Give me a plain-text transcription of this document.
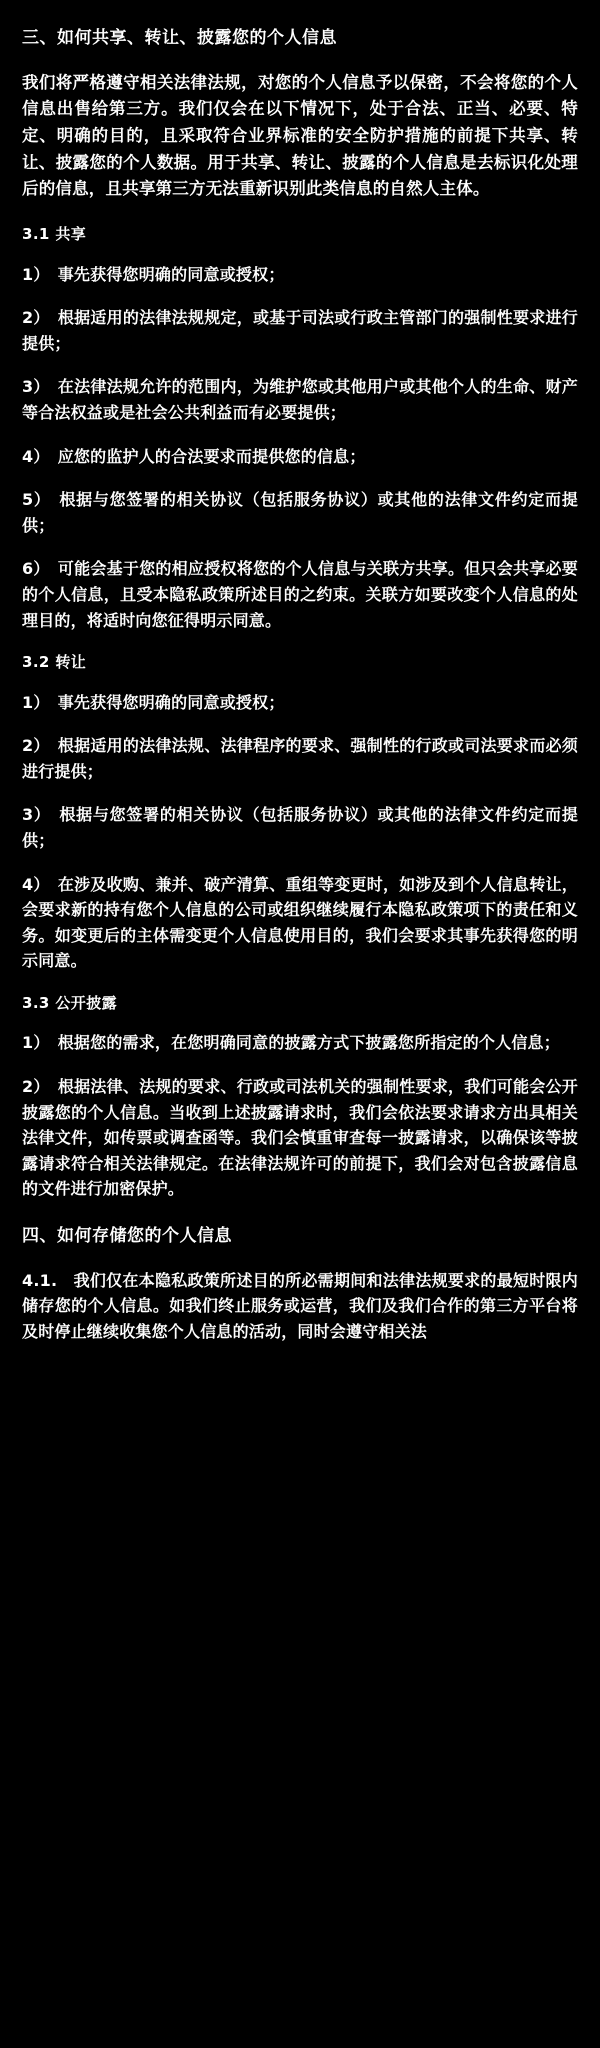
三、如何共享、转让、披露您的个人信息

我们将严格遵守相关法律法规，对您的个人信息予以保密，不会将您的个人信息出售给第三方。我们仅会在以下情况下，处于合法、正当、必要、特定、明确的目的，且采取符合业界标准的安全防护措施的前提下共享、转让、披露您的个人数据。用于共享、转让、披露的个人信息是去标识化处理后的信息，且共享第三方无法重新识别此类信息的自然人主体。

3.1 共享

1）　事先获得您明确的同意或授权；

2）　根据适用的法律法规规定，或基于司法或行政主管部门的强制性要求进行提供；

3）　在法律法规允许的范围内，为维护您或其他用户或其他个人的生命、财产等合法权益或是社会公共利益而有必要提供；

4）　应您的监护人的合法要求而提供您的信息；

5）　根据与您签署的相关协议（包括服务协议）或其他的法律文件约定而提供；

6）　可能会基于您的相应授权将您的个人信息与关联方共享。但只会共享必要的个人信息，且受本隐私政策所述目的之约束。关联方如要改变个人信息的处理目的，将适时向您征得明示同意。

3.2 转让

1）　事先获得您明确的同意或授权；

2）　根据适用的法律法规、法律程序的要求、强制性的行政或司法要求而必须进行提供；

3）　根据与您签署的相关协议（包括服务协议）或其他的法律文件约定而提供；

4）　在涉及收购、兼并、破产清算、重组等变更时，如涉及到个人信息转让，会要求新的持有您个人信息的公司或组织继续履行本隐私政策项下的责任和义务。如变更后的主体需变更个人信息使用目的，我们会要求其事先获得您的明示同意。

3.3 公开披露

1）　根据您的需求，在您明确同意的披露方式下披露您所指定的个人信息；

2）　根据法律、法规的要求、行政或司法机关的强制性要求，我们可能会公开披露您的个人信息。当收到上述披露请求时，我们会依法要求请求方出具相关法律文件，如传票或调查函等。我们会慎重审查每一披露请求，以确保该等披露请求符合相关法律规定。在法律法规许可的前提下，我们会对包含披露信息的文件进行加密保护。

四、如何存储您的个人信息

4.1.　我们仅在本隐私政策所述目的所必需期间和法律法规要求的最短时限内储存您的个人信息。如我们终止服务或运营，我们及我们合作的第三方平台将及时停止继续收集您个人信息的活动，同时会遵守相关法
